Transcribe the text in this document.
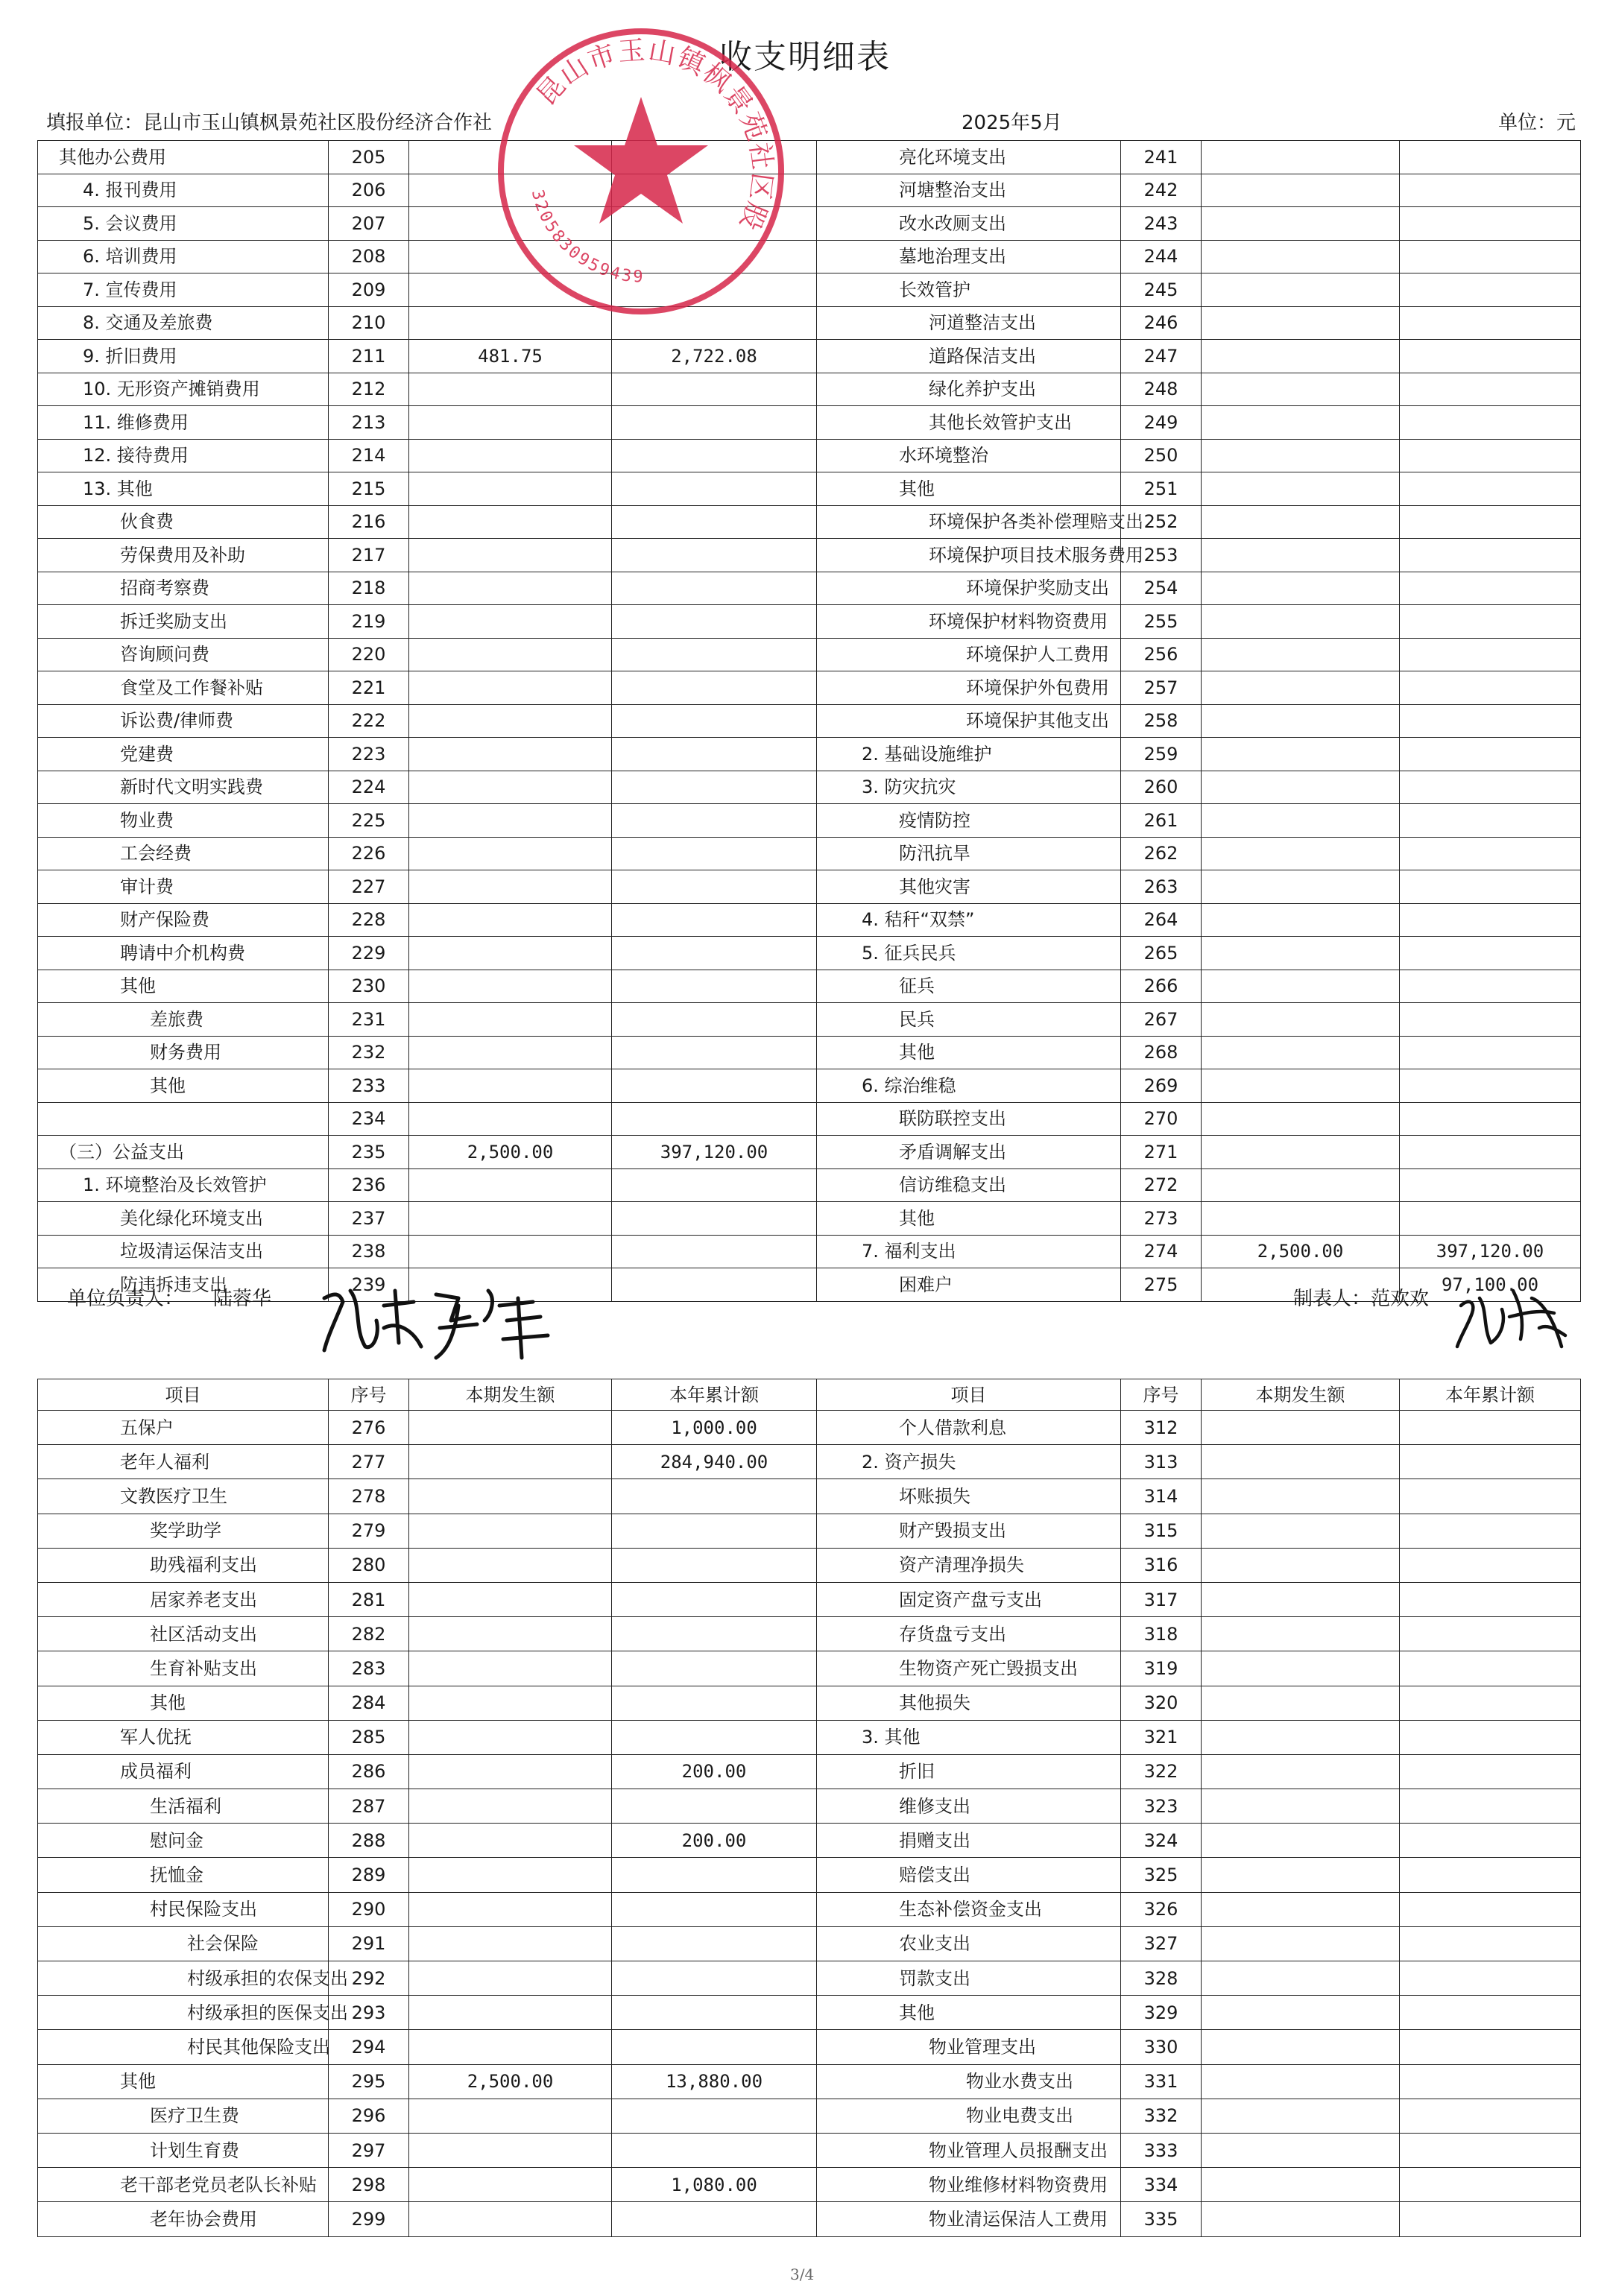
收支明细表
填报单位：昆山市玉山镇枫景苑社区股份经济合作社	2025年5月	单位：元
其他办公费用	205			亮化环境支出	241		
4. 报刊费用	206			河塘整治支出	242		
5. 会议费用	207			改水改厕支出	243		
6. 培训费用	208			墓地治理支出	244		
7. 宣传费用	209			长效管护	245		
8. 交通及差旅费	210			河道整洁支出	246		
9. 折旧费用	211	481.75	2,722.08	道路保洁支出	247		
10. 无形资产摊销费用	212			绿化养护支出	248		
11. 维修费用	213			其他长效管护支出	249		
12. 接待费用	214			水环境整治	250		
13. 其他	215			其他	251		
伙食费	216			环境保护各类补偿理赔支出	252		
劳保费用及补助	217			环境保护项目技术服务费用	253		
招商考察费	218			环境保护奖励支出	254		
拆迁奖励支出	219			环境保护材料物资费用	255		
咨询顾问费	220			环境保护人工费用	256		
食堂及工作餐补贴	221			环境保护外包费用	257		
诉讼费/律师费	222			环境保护其他支出	258		
党建费	223			2. 基础设施维护	259		
新时代文明实践费	224			3. 防灾抗灾	260		
物业费	225			疫情防控	261		
工会经费	226			防汛抗旱	262		
审计费	227			其他灾害	263		
财产保险费	228			4. 秸秆“双禁”	264		
聘请中介机构费	229			5. 征兵民兵	265		
其他	230			征兵	266		
差旅费	231			民兵	267		
财务费用	232			其他	268		
其他	233			6. 综治维稳	269		
	234			联防联控支出	270		
（三）公益支出	235	2,500.00	397,120.00	矛盾调解支出	271		
1. 环境整治及长效管护	236			信访维稳支出	272		
美化绿化环境支出	237			其他	273		
垃圾清运保洁支出	238			7. 福利支出	274	2,500.00	397,120.00
防违拆违支出	239			困难户	275		97,100.00
单位负责人： 陆蓉华	制表人：范欢欢
项目	序号	本期发生额	本年累计额	项目	序号	本期发生额	本年累计额
五保户	276		1,000.00	个人借款利息	312		
老年人福利	277		284,940.00	2. 资产损失	313		
文教医疗卫生	278			坏账损失	314		
奖学助学	279			财产毁损支出	315		
助残福利支出	280			资产清理净损失	316		
居家养老支出	281			固定资产盘亏支出	317		
社区活动支出	282			存货盘亏支出	318		
生育补贴支出	283			生物资产死亡毁损支出	319		
其他	284			其他损失	320		
军人优抚	285			3. 其他	321		
成员福利	286		200.00	折旧	322		
生活福利	287			维修支出	323		
慰问金	288		200.00	捐赠支出	324		
抚恤金	289			赔偿支出	325		
村民保险支出	290			生态补偿资金支出	326		
社会保险	291			农业支出	327		
村级承担的农保支出	292			罚款支出	328		
村级承担的医保支出	293			其他	329		
村民其他保险支出	294			物业管理支出	330		
其他	295	2,500.00	13,880.00	物业水费支出	331		
医疗卫生费	296			物业电费支出	332		
计划生育费	297			物业管理人员报酬支出	333		
老干部老党员老队长补贴	298		1,080.00	物业维修材料物资费用	334		
老年协会费用	299			物业清运保洁人工费用	335		
昆山市玉山镇枫景苑社区股份经济合作社
3205830959439
3/4
